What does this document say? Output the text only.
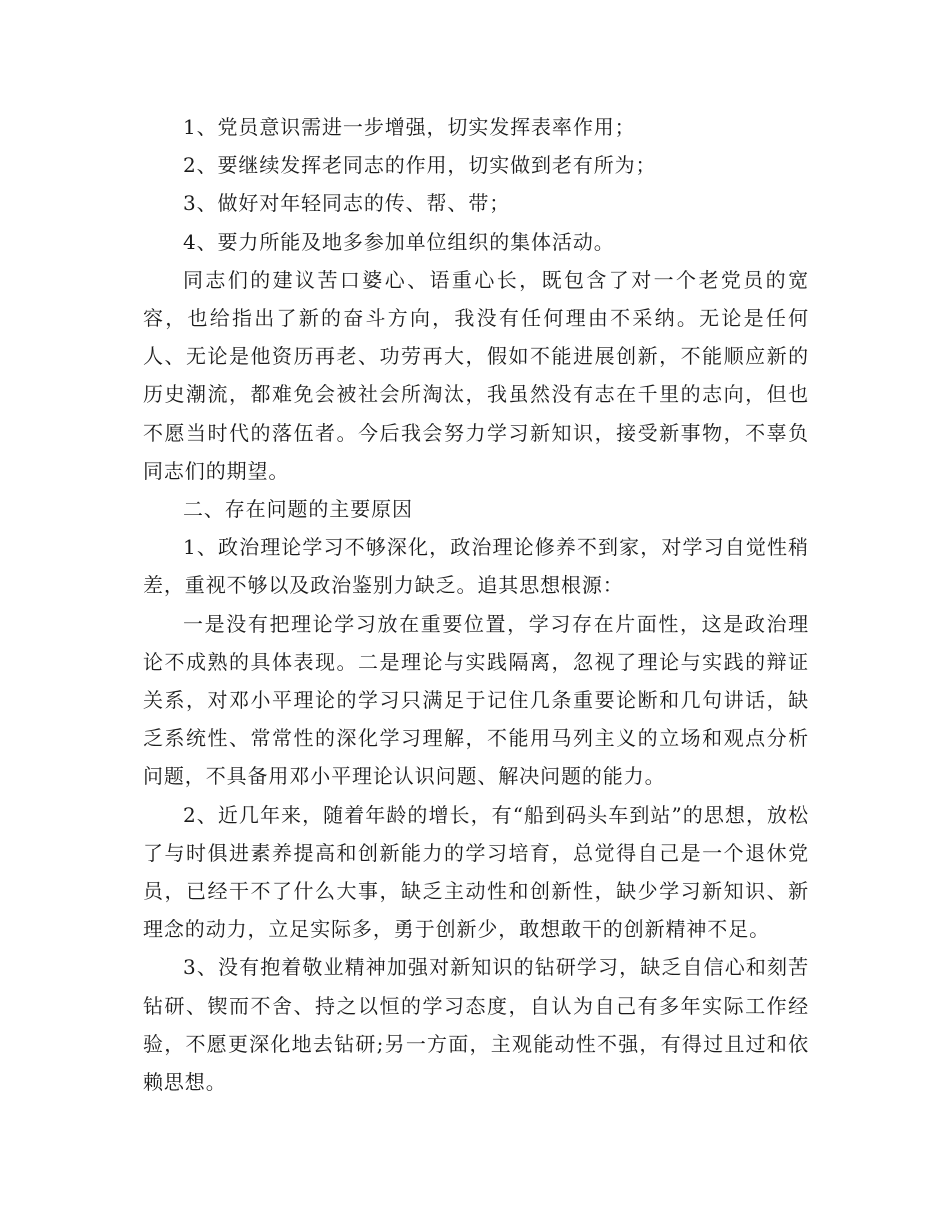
1、党员意识需进一步增强，切实发挥表率作用；

2、要继续发挥老同志的作用，切实做到老有所为；

3、做好对年轻同志的传、帮、带；

4、要力所能及地多参加单位组织的集体活动。

同志们的建议苦口婆心、语重心长，既包含了对一个老党员的宽容，也给指出了新的奋斗方向，我没有任何理由不采纳。无论是任何人、无论是他资历再老、功劳再大，假如不能进展创新，不能顺应新的历史潮流，都难免会被社会所淘汰，我虽然没有志在千里的志向，但也不愿当时代的落伍者。今后我会努力学习新知识，接受新事物，不辜负同志们的期望。

二、存在问题的主要原因

1、政治理论学习不够深化，政治理论修养不到家，对学习自觉性稍差，重视不够以及政治鉴别力缺乏。追其思想根源：

一是没有把理论学习放在重要位置，学习存在片面性，这是政治理论不成熟的具体表现。二是理论与实践隔离，忽视了理论与实践的辩证关系，对邓小平理论的学习只满足于记住几条重要论断和几句讲话，缺乏系统性、常常性的深化学习理解，不能用马列主义的立场和观点分析问题，不具备用邓小平理论认识问题、解决问题的能力。

2、近几年来，随着年龄的增长，有“船到码头车到站”的思想，放松了与时俱进素养提高和创新能力的学习培育，总觉得自己是一个退休党员，已经干不了什么大事，缺乏主动性和创新性，缺少学习新知识、新理念的动力，立足实际多，勇于创新少，敢想敢干的创新精神不足。

3、没有抱着敬业精神加强对新知识的钻研学习，缺乏自信心和刻苦钻研、锲而不舍、持之以恒的学习态度，自认为自己有多年实际工作经验，不愿更深化地去钻研;另一方面，主观能动性不强，有得过且过和依赖思想。
